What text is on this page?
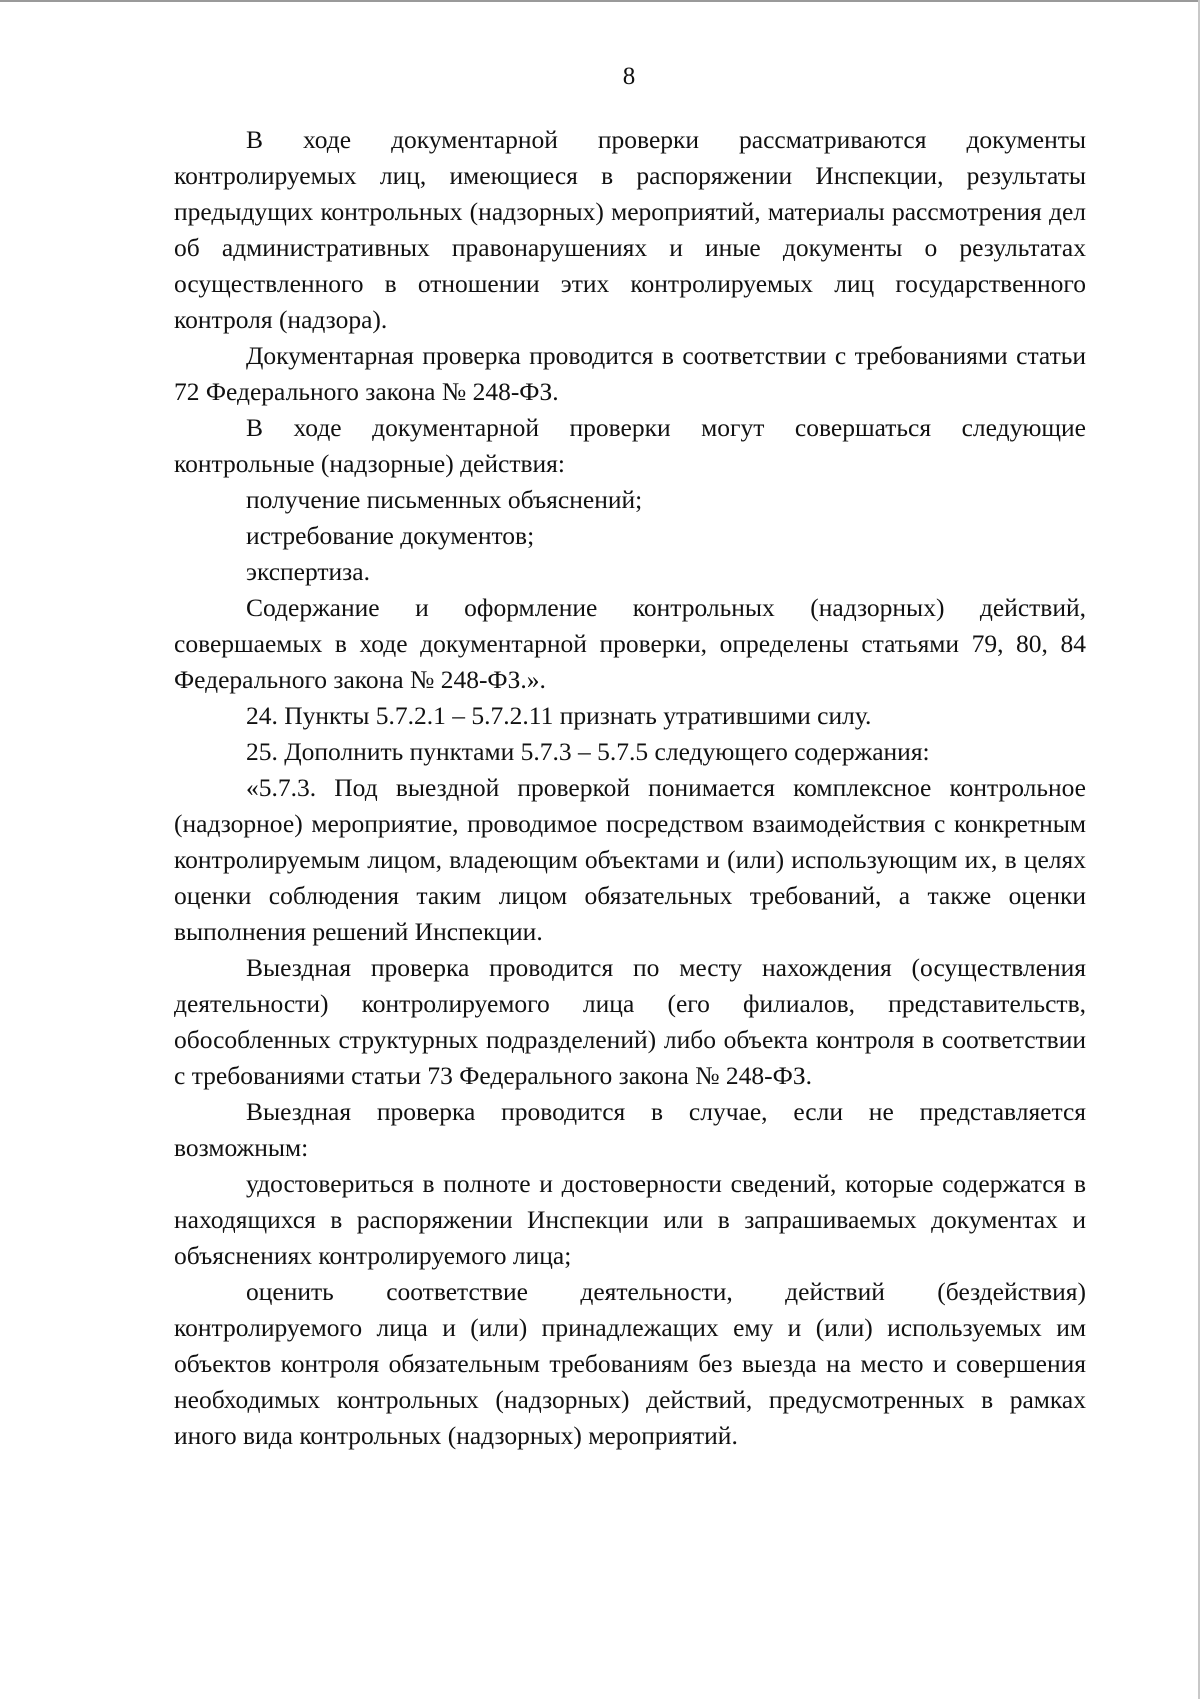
8

В ходе документарной проверки рассматриваются документы контролируемых лиц, имеющиеся в распоряжении Инспекции, результаты предыдущих контрольных (надзорных) мероприятий, материалы рассмотрения дел об административных правонарушениях и иные документы о результатах осуществленного в отношении этих контролируемых лиц государственного контроля (надзора).

Документарная проверка проводится в соответствии с требованиями статьи 72 Федерального закона № 248-ФЗ.

В ходе документарной проверки могут совершаться следующие контрольные (надзорные) действия:

получение письменных объяснений;

истребование документов;

экспертиза.

Содержание и оформление контрольных (надзорных) действий, совершаемых в ходе документарной проверки, определены статьями 79, 80, 84 Федерального закона № 248-ФЗ.».

24. Пункты 5.7.2.1 – 5.7.2.11 признать утратившими силу.

25. Дополнить пунктами 5.7.3 – 5.7.5 следующего содержания:

«5.7.3. Под выездной проверкой понимается комплексное контрольное (надзорное) мероприятие, проводимое посредством взаимодействия с конкретным контролируемым лицом, владеющим объектами и (или) использующим их, в целях оценки соблюдения таким лицом обязательных требований, а также оценки выполнения решений Инспекции.

Выездная проверка проводится по месту нахождения (осуществления деятельности) контролируемого лица (его филиалов, представительств, обособленных структурных подразделений) либо объекта контроля в соответствии с требованиями статьи 73 Федерального закона № 248-ФЗ.

Выездная проверка проводится в случае, если не представляется возможным:

удостовериться в полноте и достоверности сведений, которые содержатся в находящихся в распоряжении Инспекции или в запрашиваемых документах и объяснениях контролируемого лица;

оценить соответствие деятельности, действий (бездействия) контролируемого лица и (или) принадлежащих ему и (или) используемых им объектов контроля обязательным требованиям без выезда на место и совершения необходимых контрольных (надзорных) действий, предусмотренных в рамках иного вида контрольных (надзорных) мероприятий.
